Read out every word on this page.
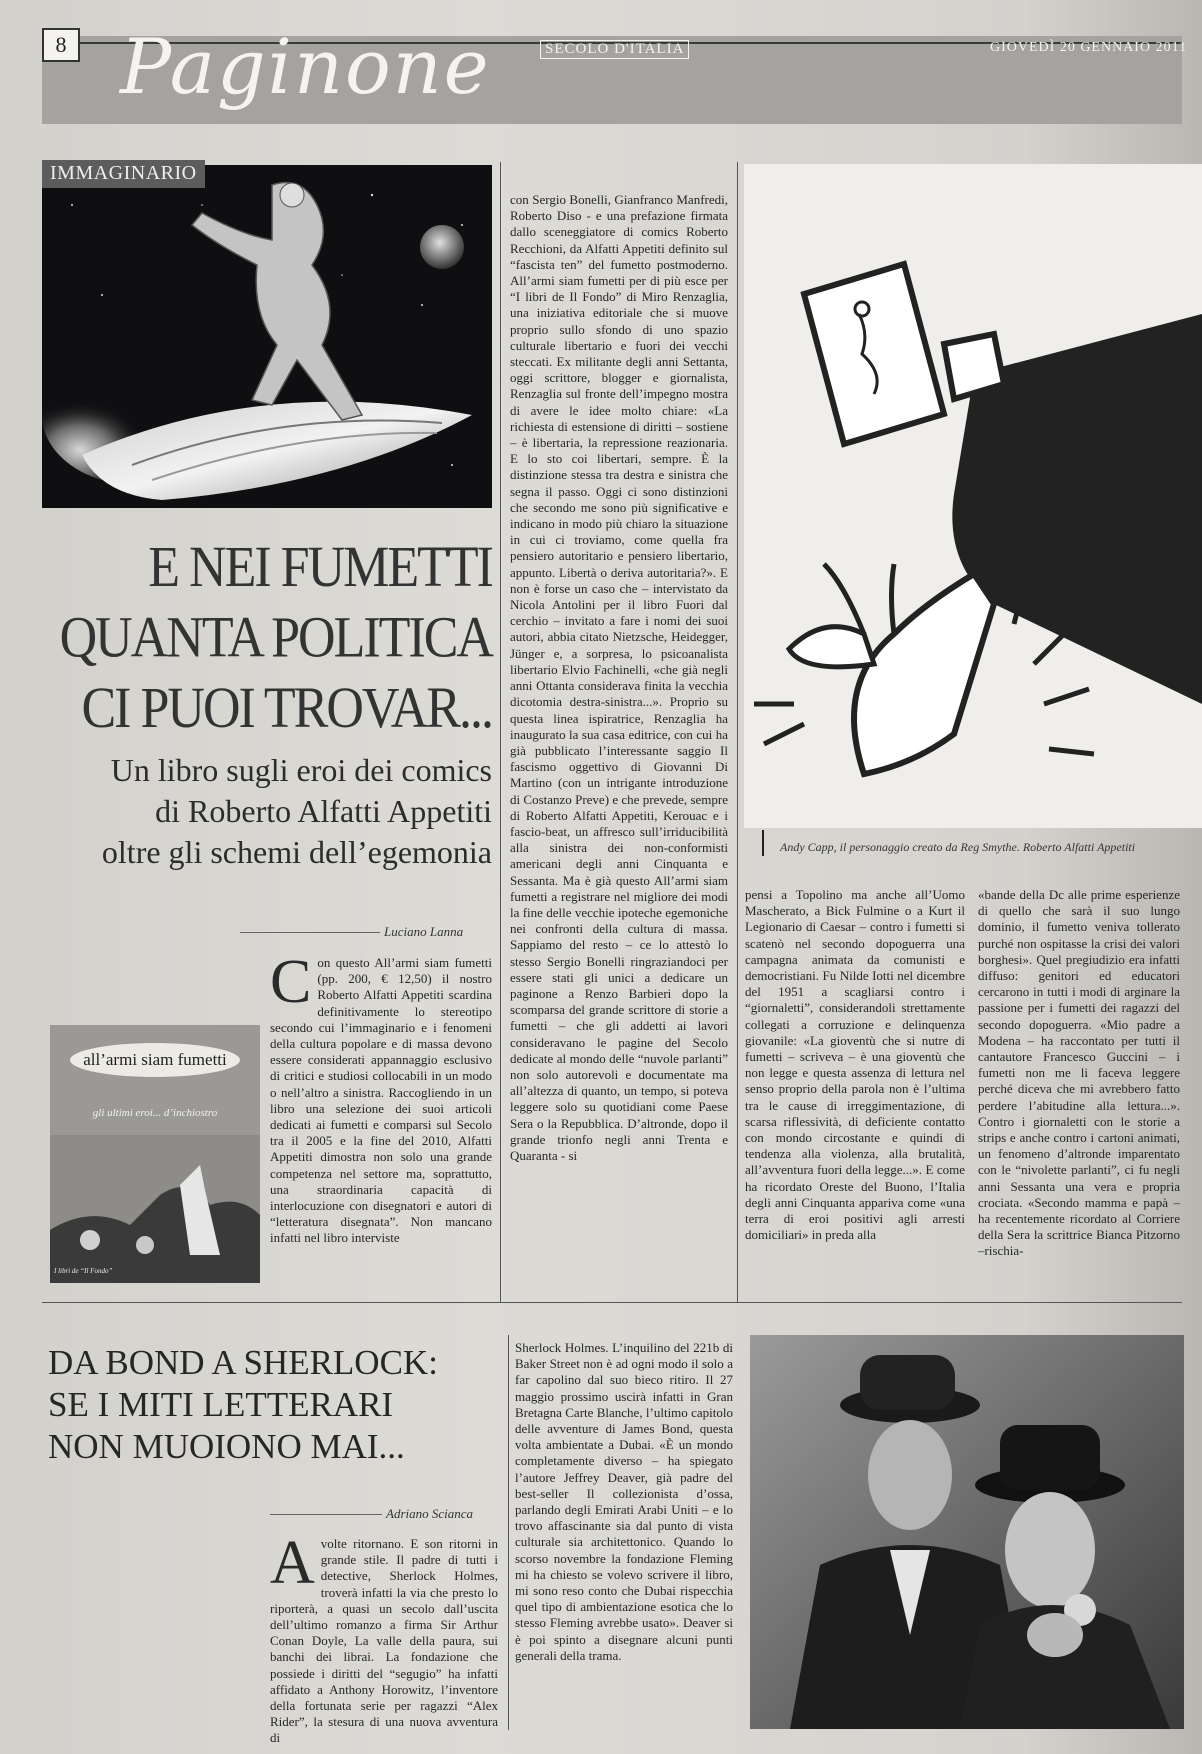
8 Paginone	SECOLO D'ITALIA	GIOVEDÌ 20 GENNAIO 2011
IMMAGINARIO
E NEI FUMETTI
QUANTA POLITICA
CI PUOI TROVAR...
Un libro sugli eroi dei comics
di Roberto Alfatti Appetiti
oltre gli schemi dell’egemonia
Luciano Lanna
all’armi siam fumetti
gli ultimi eroi... d’inchiostro
I libri de “Il Fondo”

Con questo All’armi siam fumetti (pp. 200, € 12,50) il nostro Roberto Alfatti Appetiti scardina definitivamente lo stereotipo secondo cui l’immaginario e i fenomeni della cultura popolare e di massa devono essere considerati appannaggio esclusivo di critici e studiosi collocabili in un modo o nell’altro a sinistra. Raccogliendo in un libro una selezione dei suoi articoli dedicati ai fumetti e comparsi sul Secolo tra il 2005 e la fine del 2010, Alfatti Appetiti dimostra non solo una grande competenza nel settore ma, soprattutto, una straordinaria capacità di interlocuzione con disegnatori e autori di “letteratura disegnata”. Non mancano infatti nel libro interviste

con Sergio Bonelli, Gianfranco Manfredi, Roberto Diso - e una prefazione firmata dallo sceneggiatore di comics Roberto Recchioni, da Alfatti Appetiti definito sul “fascista ten” del fumetto postmoderno. All’armi siam fumetti per di più esce per “I libri de Il Fondo” di Miro Renzaglia, una iniziativa editoriale che si muove proprio sullo sfondo di uno spazio culturale libertario e fuori dei vecchi steccati. Ex militante degli anni Settanta, oggi scrittore, blogger e giornalista, Renzaglia sul fronte dell’impegno mostra di avere le idee molto chiare: «La richiesta di estensione di diritti – sostiene – è libertaria, la repressione reazionaria. E lo sto coi libertari, sempre. È la distinzione stessa tra destra e sinistra che segna il passo. Oggi ci sono distinzioni che secondo me sono più significative e indicano in modo più chiaro la situazione in cui ci troviamo, come quella fra pensiero autoritario e pensiero libertario, appunto. Libertà o deriva autoritaria?». E non è forse un caso che – intervistato da Nicola Antolini per il libro Fuori dal cerchio – invitato a fare i nomi dei suoi autori, abbia citato Nietzsche, Heidegger, Jünger e, a sorpresa, lo psicoanalista libertario Elvio Fachinelli, «che già negli anni Ottanta considerava finita la vecchia dicotomia destra-sinistra...». Proprio su questa linea ispiratrice, Renzaglia ha inaugurato la sua casa editrice, con cui ha già pubblicato l’interessante saggio Il fascismo oggettivo di Giovanni Di Martino (con un intrigante introduzione di Costanzo Preve) e che prevede, sempre di Roberto Alfatti Appetiti, Kerouac e i fascio-beat, un affresco sull’irriducibilità alla sinistra dei non-conformisti americani degli anni Cinquanta e Sessanta. Ma è già questo All’armi siam fumetti a registrare nel migliore dei modi la fine delle vecchie ipoteche egemoniche nei confronti della cultura di massa. Sappiamo del resto – ce lo attestò lo stesso Sergio Bonelli ringraziandoci per essere stati gli unici a dedicare un paginone a Renzo Barbieri dopo la scomparsa del grande scrittore di storie a fumetti – che gli addetti ai lavori consideravano le pagine del Secolo dedicate al mondo delle “nuvole parlanti” non solo autorevoli e documentate ma all’altezza di quanto, un tempo, si poteva leggere solo su quotidiani come Paese Sera o la Repubblica. D’altronde, dopo il grande trionfo negli anni Trenta e Quaranta - si

Andy Capp, il personaggio creato da Reg Smythe. Roberto Alfatti Appetiti

pensi a Topolino ma anche all’Uomo Mascherato, a Bick Fulmine o a Kurt il Legionario di Caesar – contro i fumetti si scatenò nel secondo dopoguerra una campagna animata da comunisti e democristiani. Fu Nilde Iotti nel dicembre del 1951 a scagliarsi contro i “giornaletti”, considerandoli strettamente collegati a corruzione e delinquenza giovanile: «La gioventù che si nutre di fumetti – scriveva – è una gioventù che non legge e questa assenza di lettura nel senso proprio della parola non è l’ultima tra le cause di irreggimentazione, di scarsa riflessività, di deficiente contatto con mondo circostante e quindi di tendenza alla violenza, alla brutalità, all’avventura fuori della legge...». E come ha ricordato Oreste del Buono, l’Italia degli anni Cinquanta appariva come «una terra di eroi positivi agli arresti domiciliari» in preda alla

«bande della Dc alle prime esperienze di quello che sarà il suo lungo dominio, il fumetto veniva tollerato purché non ospitasse la crisi dei valori borghesi». Quel pregiudizio era infatti diffuso: genitori ed educatori cercarono in tutti i modi di arginare la passione per i fumetti dei ragazzi del secondo dopoguerra. «Mio padre a Modena – ha raccontato per tutti il cantautore Francesco Guccini – i fumetti non me li faceva leggere perché diceva che mi avrebbero fatto perdere l’abitudine alla lettura...». Contro i giornaletti con le storie a strips e anche contro i cartoni animati, un fenomeno d’altronde imparentato con le “nivolette parlanti”, ci fu negli anni Sessanta una vera e propria crociata. «Secondo mamma e papà – ha recentemente ricordato al Corriere della Sera la scrittrice Bianca Pitzorno –rischia-

DA BOND A SHERLOCK:
SE I MITI LETTERARI
NON MUOIONO MAI...
Adriano Scianca

Avolte ritornano. E son ritorni in grande stile. Il padre di tutti i detective, Sherlock Holmes, troverà infatti la via che presto lo riporterà, a quasi un secolo dall’uscita dell’ultimo romanzo a firma Sir Arthur Conan Doyle, La valle della paura, sui banchi dei librai. La fondazione che possiede i diritti del “segugio” ha infatti affidato a Anthony Horowitz, l’inventore della fortunata serie per ragazzi “Alex Rider”, la stesura di una nuova avventura di

Sherlock Holmes. L’inquilino del 221b di Baker Street non è ad ogni modo il solo a far capolino dal suo bieco ritiro. Il 27 maggio prossimo uscirà infatti in Gran Bretagna Carte Blanche, l’ultimo capitolo delle avventure di James Bond, questa volta ambientate a Dubai. «È un mondo completamente diverso – ha spiegato l’autore Jeffrey Deaver, già padre del best-seller Il collezionista d’ossa, parlando degli Emirati Arabi Uniti – e lo trovo affascinante sia dal punto di vista culturale sia architettonico. Quando lo scorso novembre la fondazione Fleming mi ha chiesto se volevo scrivere il libro, mi sono reso conto che Dubai rispecchia quel tipo di ambientazione esotica che lo stesso Fleming avrebbe usato». Deaver si è poi spinto a disegnare alcuni punti generali della trama.
